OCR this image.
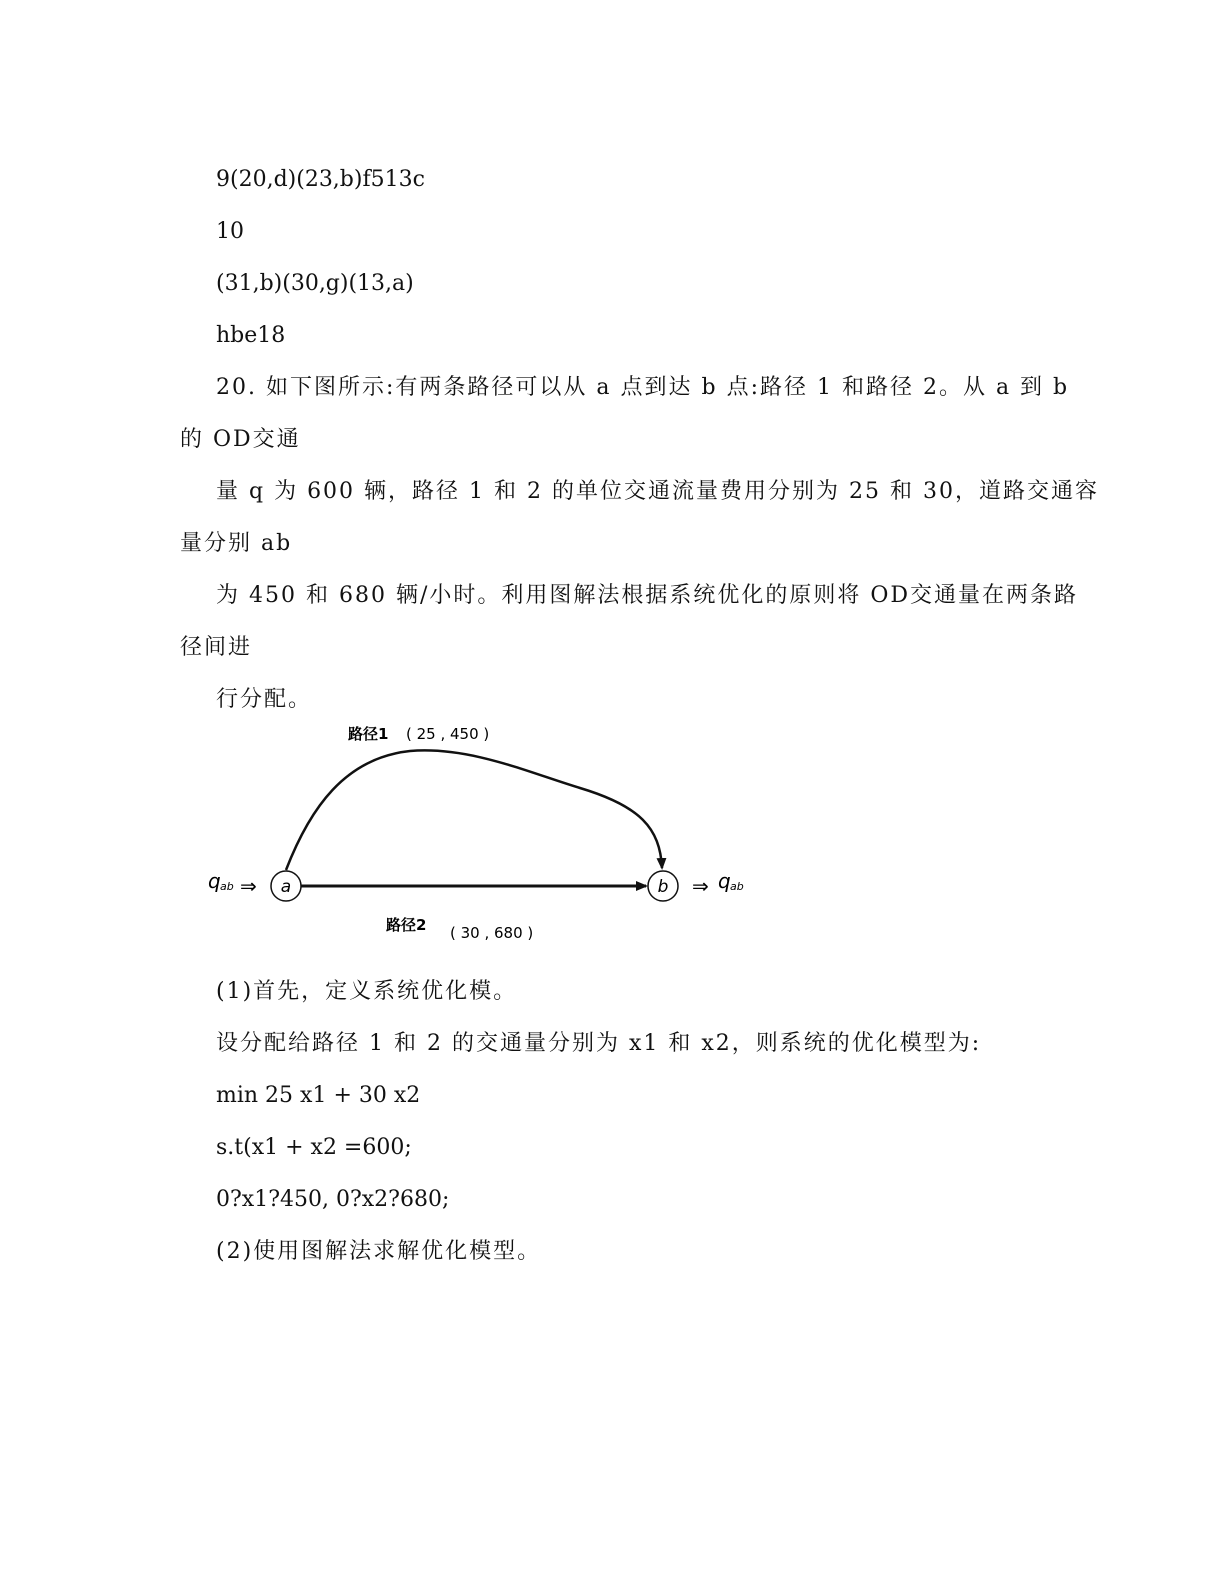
9(20,d)(23,b)f513c
10
(31,b)(30,g)(13,a)
hbe18
20. 如下图所示:有两条路径可以从 a 点到达 b 点:路径 1 和路径 2。从 a 到 b
的 OD交通
量 q 为 600 辆，路径 1 和 2 的单位交通流量费用分别为 25 和 30，道路交通容
量分别 ab
为 450 和 680 辆/小时。利用图解法根据系统优化的原则将 OD交通量在两条路
径间进
行分配。
路径1 ( 25 , 450 )
a	b
q ab ⇒	⇒ q ab
路径2 ( 30 , 680 )
(1)首先，定义系统优化模。
设分配给路径 1 和 2 的交通量分别为 x1 和 x2，则系统的优化模型为:
min 25 x1 + 30 x2
s.t(x1 + x2 =600;
0?x1?450, 0?x2?680;
(2)使用图解法求解优化模型。
